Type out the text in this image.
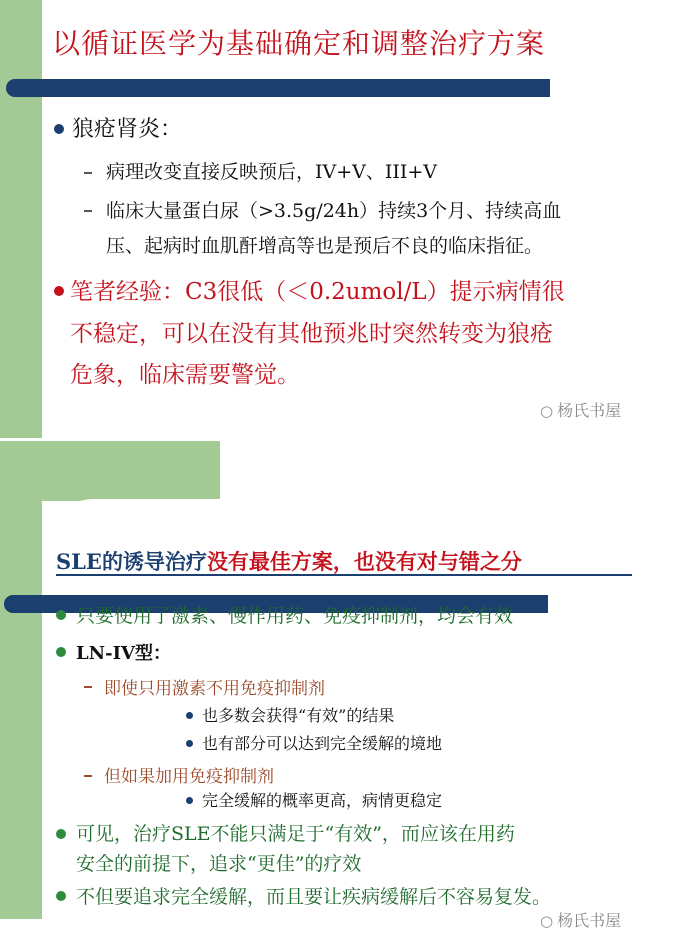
以循证医学为基础确定和调整治疗方案
狼疮肾炎：
病理改变直接反映预后，IV+V、III+V
临床大量蛋白尿（>3.5g/24h）持续3个月、持续高血
压、起病时血肌酐增高等也是预后不良的临床指征。
笔者经验：C3很低（＜0.2umol/L）提示病情很
不稳定，可以在没有其他预兆时突然转变为狼疮
危象，临床需要警觉。
○ 杨氏书屋
SLE的诱导治疗没有最佳方案，也没有对与错之分
只要使用了激素、慢作用药、免疫抑制剂，均会有效
LN-IV型：
即使只用激素不用免疫抑制剂
也多数会获得“有效”的结果
也有部分可以达到完全缓解的境地
但如果加用免疫抑制剂
完全缓解的概率更高，病情更稳定
可见，治疗SLE不能只满足于“有效”，而应该在用药
安全的前提下，追求“更佳”的疗效
不但要追求完全缓解，而且要让疾病缓解后不容易复发。
○ 杨氏书屋
